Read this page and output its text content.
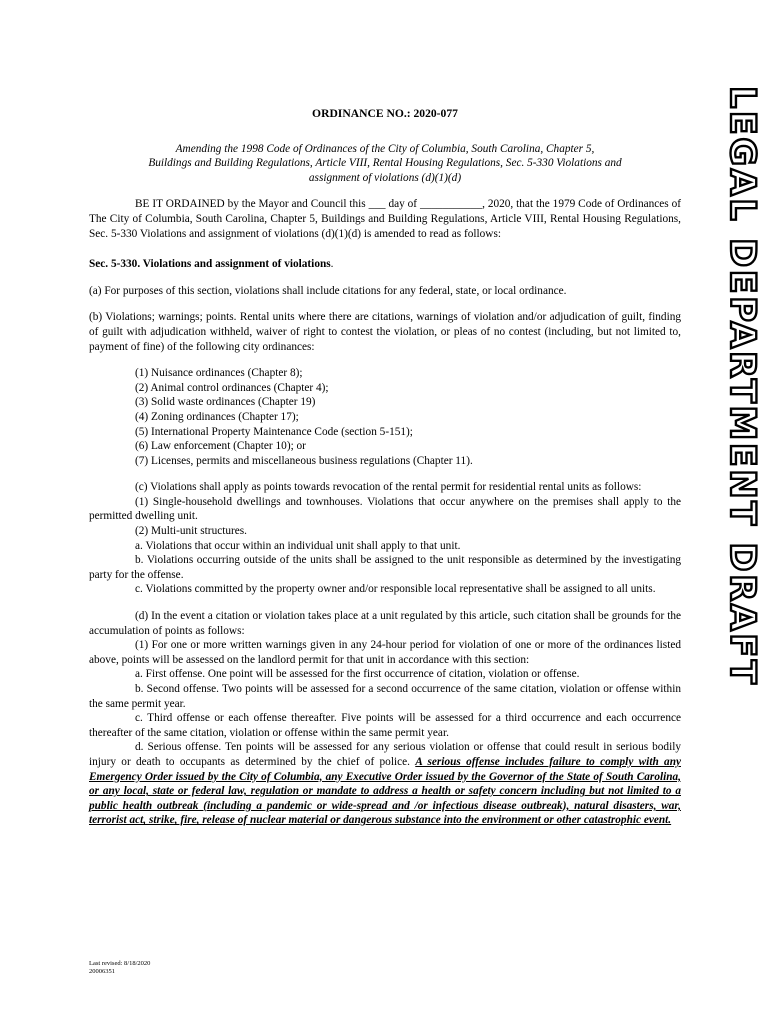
LEGAL DEPARTMENT DRAFT
ORDINANCE NO.: 2020-077
Amending the 1998 Code of Ordinances of the City of Columbia, South Carolina, Chapter 5,
Buildings and Building Regulations, Article VIII, Rental Housing Regulations, Sec. 5-330 Violations and
assignment of violations (d)(1)(d)

BE IT ORDAINED by the Mayor and Council this ___ day of ___________, 2020, that the 1979 Code of Ordinances of The City of Columbia, South Carolina, Chapter 5, Buildings and Building Regulations, Article VIII, Rental Housing Regulations, Sec. 5-330 Violations and assignment of violations (d)(1)(d) is amended to read as follows:

Sec. 5-330. Violations and assignment of violations.

(a) For purposes of this section, violations shall include citations for any federal, state, or local ordinance.

(b) Violations; warnings; points. Rental units where there are citations, warnings of violation and/or adjudication of guilt, finding of guilt with adjudication withheld, waiver of right to contest the violation, or pleas of no contest (including, but not limited to, payment of fine) of the following city ordinances:

(1) Nuisance ordinances (Chapter 8);
(2) Animal control ordinances (Chapter 4);
(3) Solid waste ordinances (Chapter 19)
(4) Zoning ordinances (Chapter 17);
(5) International Property Maintenance Code (section 5-151);
(6) Law enforcement (Chapter 10); or
(7) Licenses, permits and miscellaneous business regulations (Chapter 11).

(c) Violations shall apply as points towards revocation of the rental permit for residential rental units as follows:

(1) Single-household dwellings and townhouses. Violations that occur anywhere on the premises shall apply to the permitted dwelling unit.

(2) Multi-unit structures.

a. Violations that occur within an individual unit shall apply to that unit.

b. Violations occurring outside of the units shall be assigned to the unit responsible as determined by the investigating party for the offense.

c. Violations committed by the property owner and/or responsible local representative shall be assigned to all units.

(d) In the event a citation or violation takes place at a unit regulated by this article, such citation shall be grounds for the accumulation of points as follows:

(1) For one or more written warnings given in any 24-hour period for violation of one or more of the ordinances listed above, points will be assessed on the landlord permit for that unit in accordance with this section:

a. First offense. One point will be assessed for the first occurrence of citation, violation or offense.

b. Second offense. Two points will be assessed for a second occurrence of the same citation, violation or offense within the same permit year.

c. Third offense or each offense thereafter. Five points will be assessed for a third occurrence and each occurrence thereafter of the same citation, violation or offense within the same permit year.

d. Serious offense. Ten points will be assessed for any serious violation or offense that could result in serious bodily injury or death to occupants as determined by the chief of police. A serious offense includes failure to comply with any Emergency Order issued by the City of Columbia, any Executive Order issued by the Governor of the State of South Carolina, or any local, state or federal law, regulation or mandate to address a health or safety concern including but not limited to a public health outbreak (including a pandemic or wide-spread and /or infectious disease outbreak), natural disasters, war, terrorist act, strike, fire, release of nuclear material or dangerous substance into the environment or other catastrophic event.

Last revised: 8/18/2020
20006351
